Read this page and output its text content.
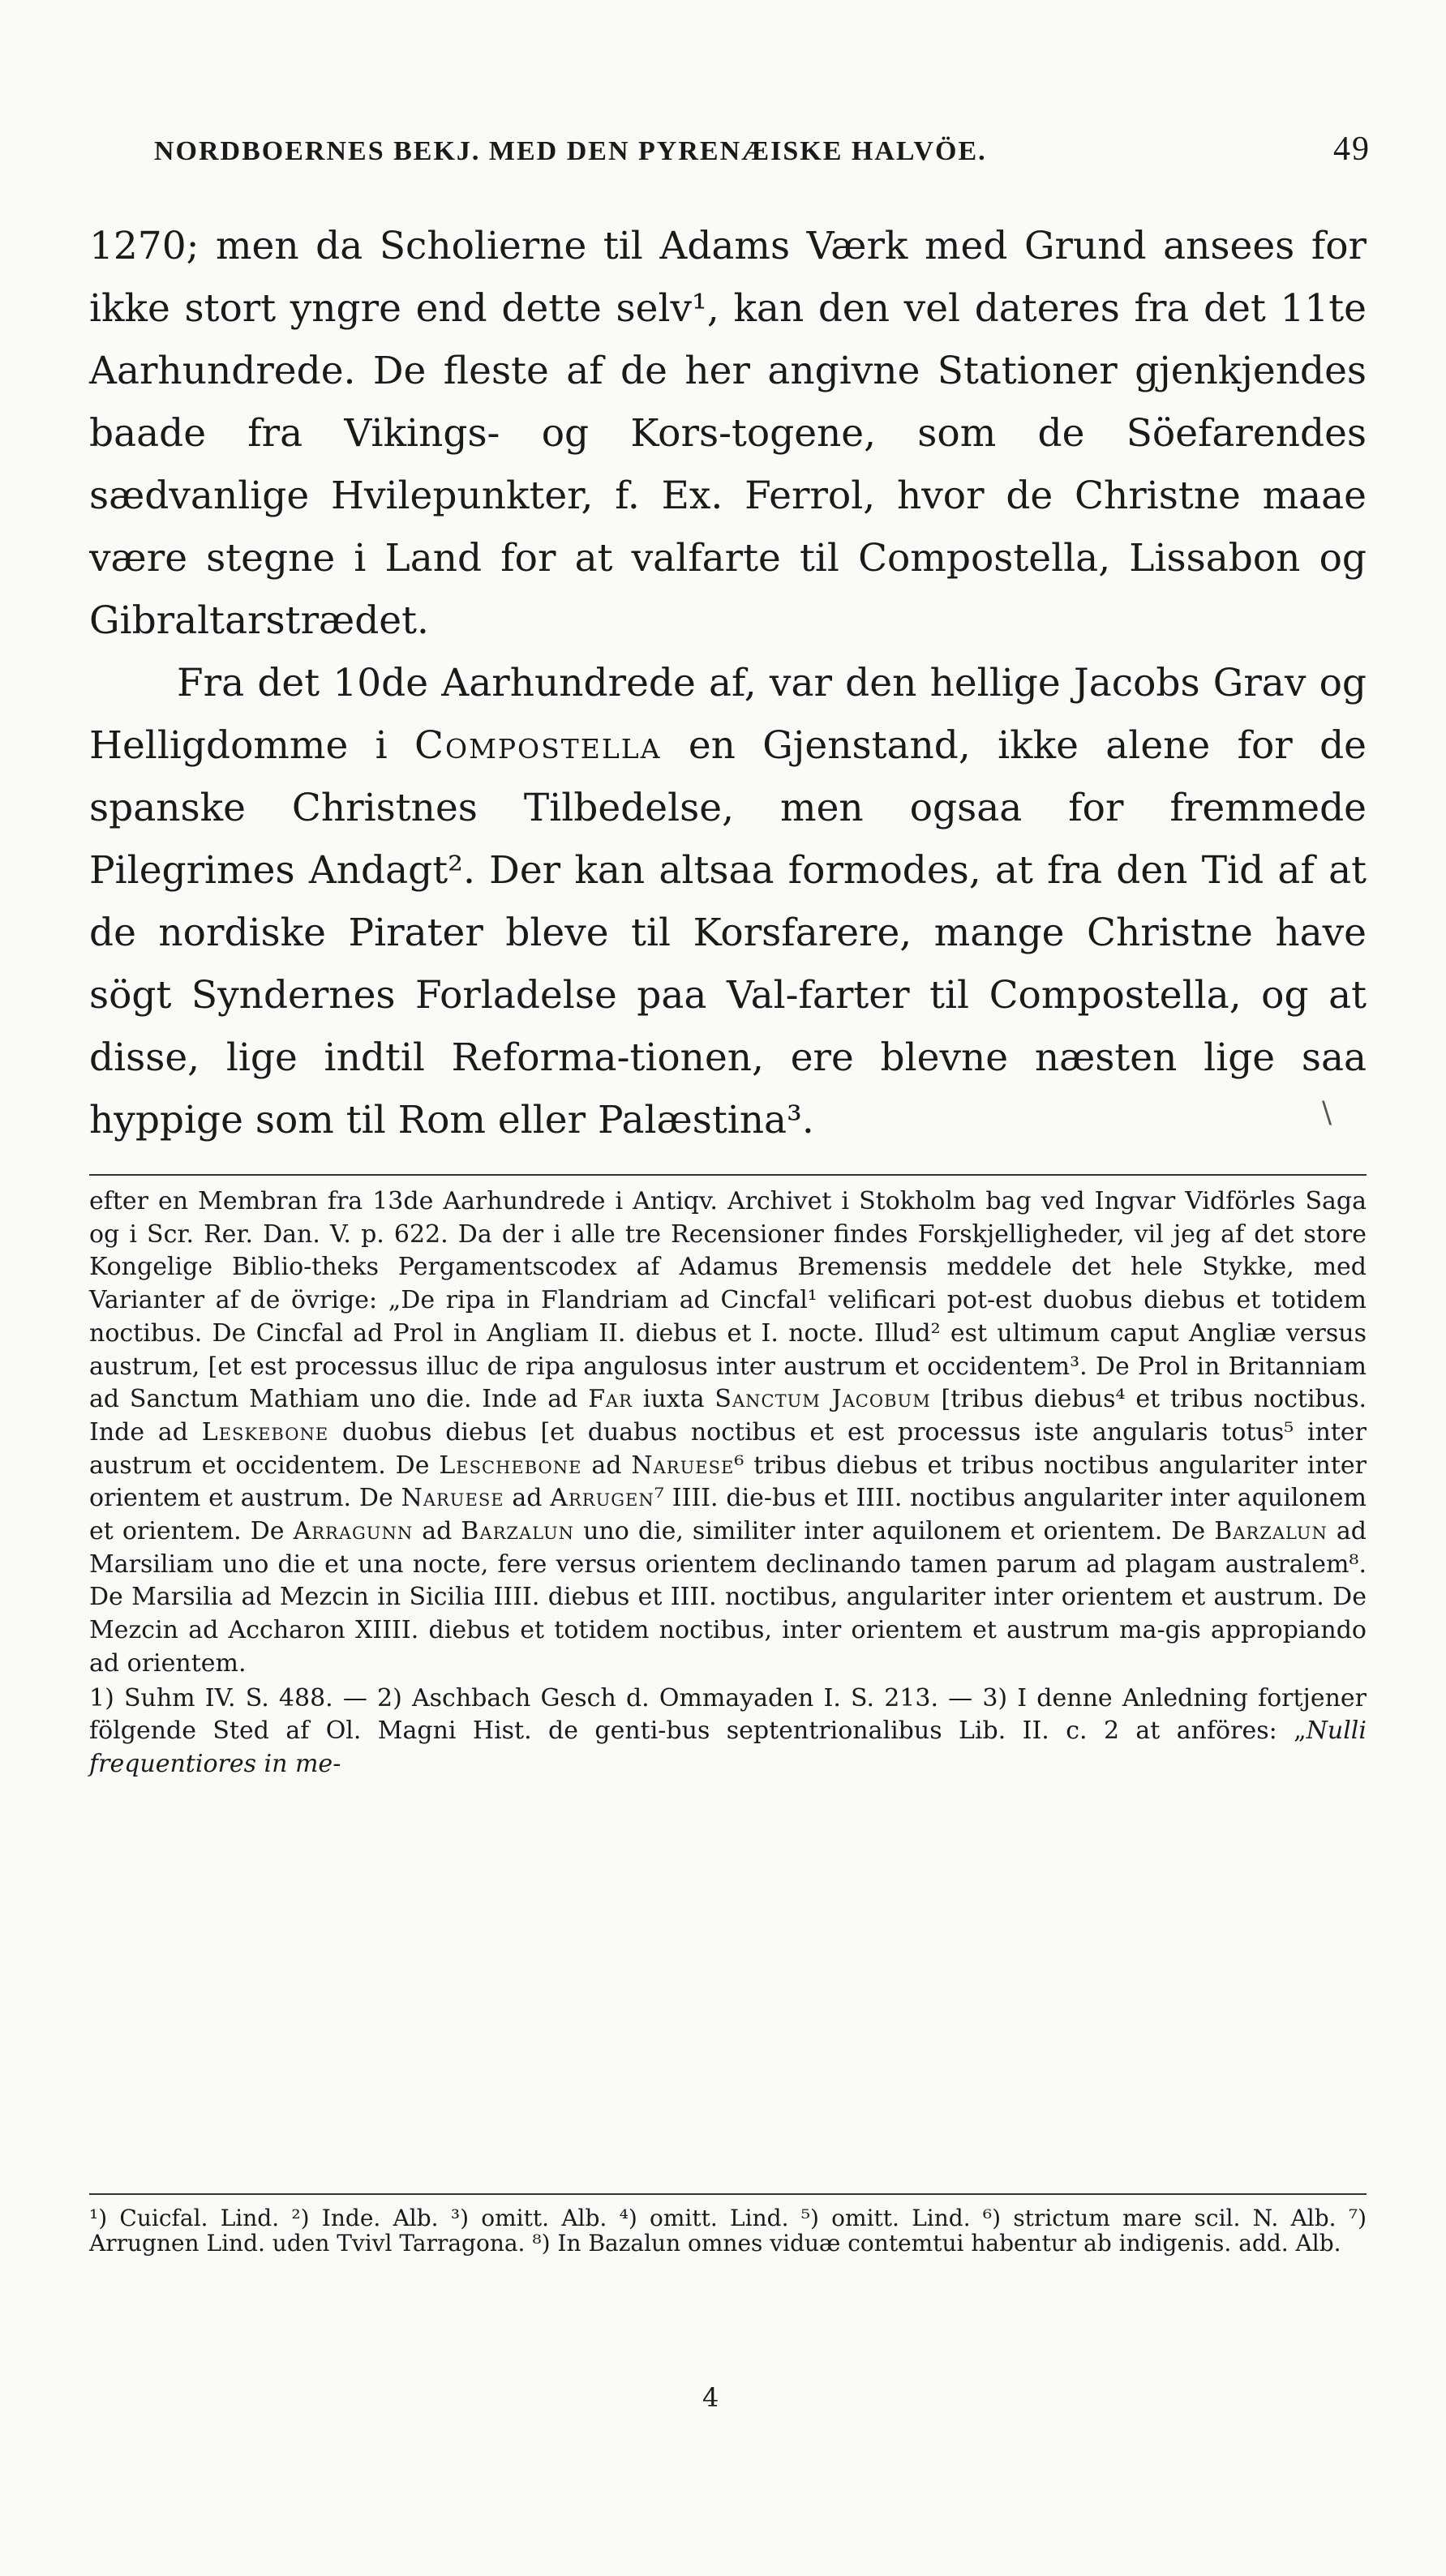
NORDBOERNES BEKJ. MED DEN PYRENÆISKE HALVÖE.	49

1270; men da Scholierne til Adams Værk med Grund ansees for ikke stort yngre end dette selv¹, kan den vel dateres fra det 11te Aarhundrede. De fleste af de her angivne Stationer gjenkjendes baade fra Vikings- og Kors-togene, som de Söefarendes sædvanlige Hvilepunkter, f. Ex. Ferrol, hvor de Christne maae være stegne i Land for at valfarte til Compostella, Lissabon og Gibraltarstrædet.

Fra det 10de Aarhundrede af, var den hellige Jacobs Grav og Helligdomme i Compostella en Gjenstand, ikke alene for de spanske Christnes Tilbedelse, men ogsaa for fremmede Pilegrimes Andagt². Der kan altsaa formodes, at fra den Tid af at de nordiske Pirater bleve til Korsfarere, mange Christne have sögt Syndernes Forladelse paa Val-farter til Compostella, og at disse, lige indtil Reforma-tionen, ere blevne næsten lige saa hyppige som til Rom eller Palæstina³.	\

efter en Membran fra 13de Aarhundrede i Antiqv. Archivet i Stokholm bag ved Ingvar Vidförles Saga og i Scr. Rer. Dan. V. p. 622. Da der i alle tre Recensioner findes Forskjelligheder, vil jeg af det store Kongelige Biblio-theks Pergamentscodex af Adamus Bremensis meddele det hele Stykke, med Varianter af de övrige: „De ripa in Flandriam ad Cincfal¹ velificari pot-est duobus diebus et totidem noctibus. De Cincfal ad Prol in Angliam II. diebus et I. nocte. Illud² est ultimum caput Angliæ versus austrum, [et est processus illuc de ripa angulosus inter austrum et occidentem³. De Prol in Britanniam ad Sanctum Mathiam uno die. Inde ad Far iuxta Sanctum Jacobum [tribus diebus⁴ et tribus noctibus. Inde ad Leskebone duobus diebus [et duabus noctibus et est processus iste angularis totus⁵ inter austrum et occidentem. De Leschebone ad Naruese⁶ tribus diebus et tribus noctibus angulariter inter orientem et austrum. De Naruese ad Arrugen⁷ IIII. die-bus et IIII. noctibus angulariter inter aquilonem et orientem. De Arragunn ad Barzalun uno die, similiter inter aquilonem et orientem. De Barzalun ad Marsiliam uno die et una nocte, fere versus orientem declinando tamen parum ad plagam australem⁸. De Marsilia ad Mezcin in Sicilia IIII. diebus et IIII. noctibus, angulariter inter orientem et austrum. De Mezcin ad Accharon XIIII. diebus et totidem noctibus, inter orientem et austrum ma-gis appropiando ad orientem.

1) Suhm IV. S. 488. — 2) Aschbach Gesch d. Ommayaden I. S. 213. — 3) I denne Anledning fortjener fölgende Sted af Ol. Magni Hist. de genti-bus septentrionalibus Lib. II. c. 2 at anföres: „Nulli frequentiores in me-

¹) Cuicfal. Lind. ²) Inde. Alb. ³) omitt. Alb. ⁴) omitt. Lind. ⁵) omitt. Lind. ⁶) strictum mare scil. N. Alb. ⁷) Arrugnen Lind. uden Tvivl Tarragona. ⁸) In Bazalun omnes viduæ contemtui habentur ab indigenis. add. Alb.

4
